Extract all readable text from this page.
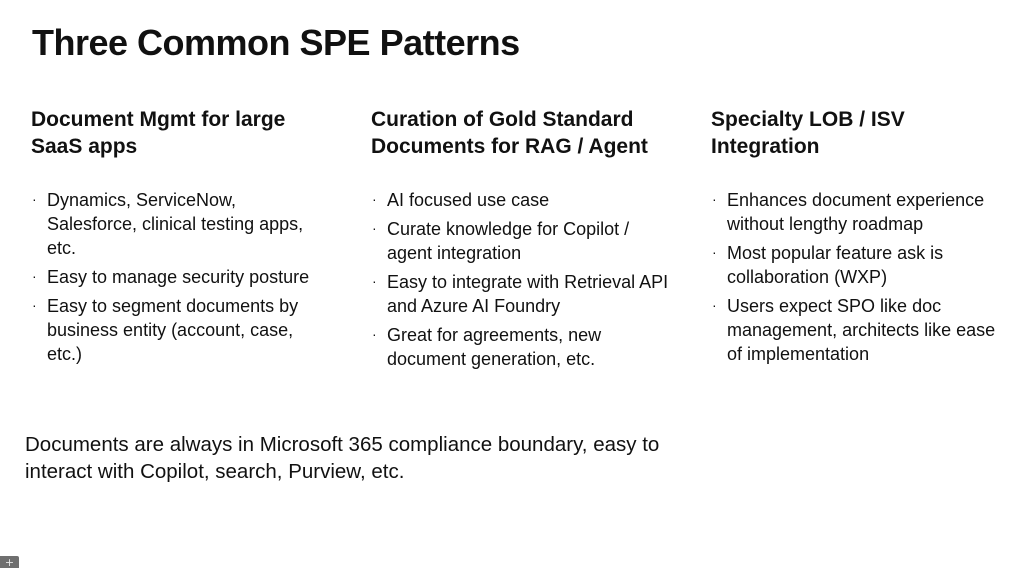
Three Common SPE Patterns
Document Mgmt for large SaaS apps
· Dynamics, ServiceNow, Salesforce, clinical testing apps, etc.
· Easy to manage security posture
· Easy to segment documents by business entity (account, case, etc.)
Curation of Gold Standard Documents for RAG / Agent
· AI focused use case
· Curate knowledge for Copilot / agent integration
· Easy to integrate with Retrieval API and Azure AI Foundry
· Great for agreements, new document generation, etc.
Specialty LOB / ISV Integration
· Enhances document experience without lengthy roadmap
· Most popular feature ask is collaboration (WXP)
· Users expect SPO like doc management, architects like ease of implementation
Documents are always in Microsoft 365 compliance boundary, easy to interact with Copilot, search, Purview, etc.
+
